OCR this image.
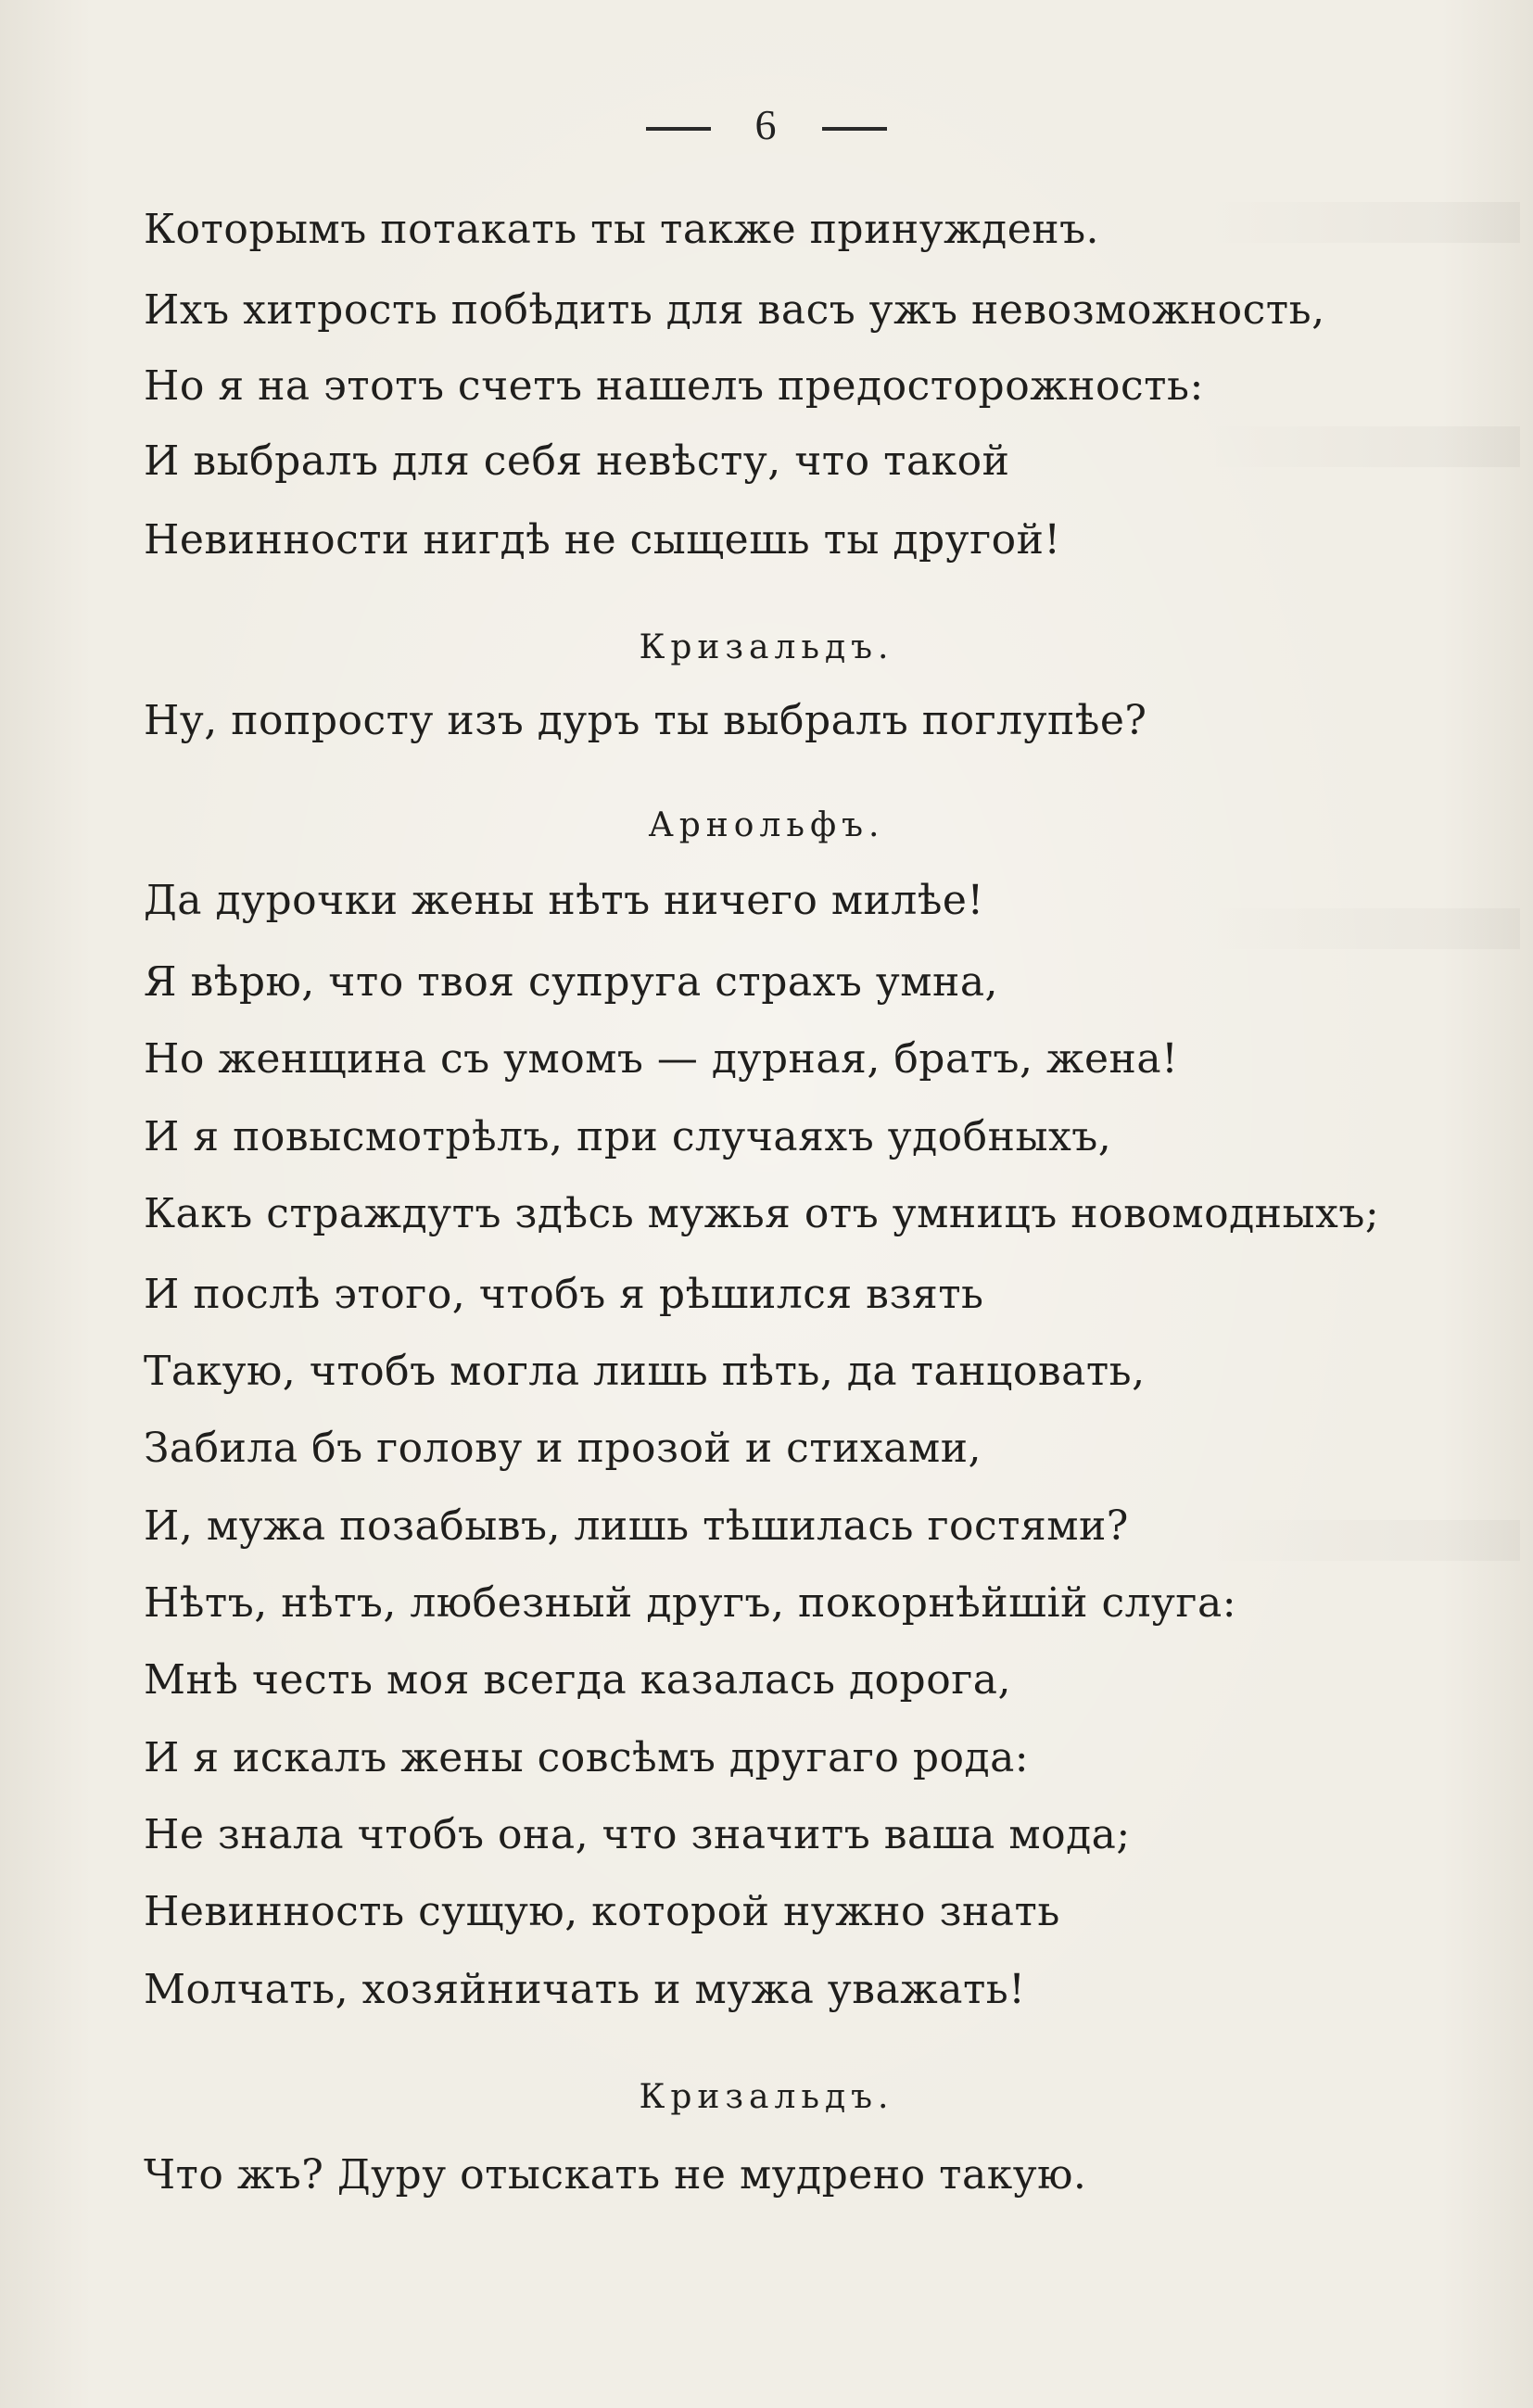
6
Которымъ потакать ты также принужденъ.
Ихъ хитрость побѣдить для васъ ужъ невозможность,
Но я на этотъ счетъ нашелъ предосторожность:
И выбралъ для себя невѣсту, что такой
Невинности нигдѣ не сыщешь ты другой!
Кризальдъ.
Ну, попросту изъ дуръ ты выбралъ поглупѣе?
Арнольфъ.
Да дурочки жены нѣтъ ничего милѣе!
Я вѣрю, что твоя супруга страхъ умна,
Но женщина съ умомъ — дурная, братъ, жена!
И я повысмотрѣлъ, при случаяхъ удобныхъ,
Какъ страждутъ здѣсь мужья отъ умницъ новомодныхъ;
И послѣ этого, чтобъ я рѣшился взять
Такую, чтобъ могла лишь пѣть, да танцовать,
Забила бъ голову и прозой и стихами,
И, мужа позабывъ, лишь тѣшилась гостями?
Нѣтъ, нѣтъ, любезный другъ, покорнѣйшій слуга:
Мнѣ честь моя всегда казалась дорога,
И я искалъ жены совсѣмъ другаго рода:
Не знала чтобъ она, что значитъ ваша мода;
Невинность сущую, которой нужно знать
Молчать, хозяйничать и мужа уважать!
Кризальдъ.
Что жъ? Дуру отыскать не мудрено такую.
